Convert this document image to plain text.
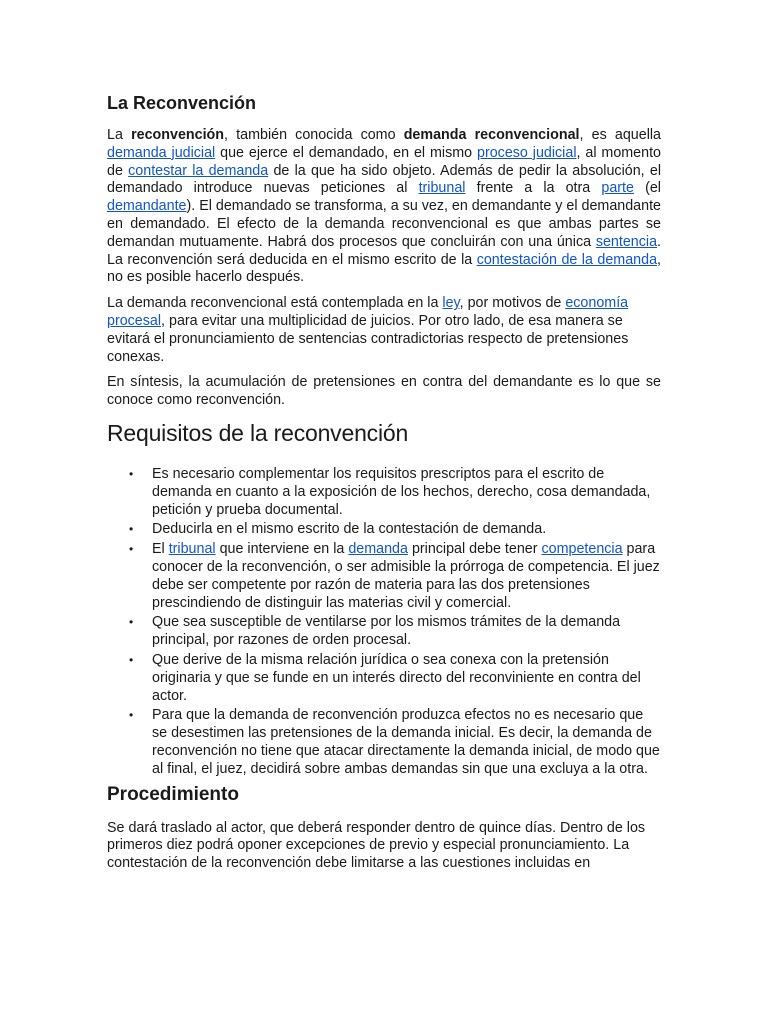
La Reconvención

La reconvención, también conocida como demanda reconvencional, es aquella demanda judicial que ejerce el demandado, en el mismo proceso judicial, al momento de contestar la demanda de la que ha sido objeto. Además de pedir la absolución, el demandado introduce nuevas peticiones al tribunal frente a la otra parte (el demandante). El demandado se transforma, a su vez, en demandante y el demandante en demandado. El efecto de la demanda reconvencional es que ambas partes se demandan mutuamente. Habrá dos procesos que concluirán con una única sentencia. La reconvención será deducida en el mismo escrito de la contestación de la demanda, no es posible hacerlo después.

La demanda reconvencional está contemplada en la ley, por motivos de economía procesal, para evitar una multiplicidad de juicios. Por otro lado, de esa manera se evitará el pronunciamiento de sentencias contradictorias respecto de pretensiones conexas.

En síntesis, la acumulación de pretensiones en contra del demandante es lo que se conoce como reconvención.

Requisitos de la reconvención
• Es necesario complementar los requisitos prescriptos para el escrito de demanda en cuanto a la exposición de los hechos, derecho, cosa demandada, petición y prueba documental.
• Deducirla en el mismo escrito de la contestación de demanda.
• El tribunal que interviene en la demanda principal debe tener competencia para conocer de la reconvención, o ser admisible la prórroga de competencia. El juez debe ser competente por razón de materia para las dos pretensiones prescindiendo de distinguir las materias civil y comercial.
• Que sea susceptible de ventilarse por los mismos trámites de la demanda principal, por razones de orden procesal.
• Que derive de la misma relación jurídica o sea conexa con la pretensión originaria y que se funde en un interés directo del reconviniente en contra del actor.
• Para que la demanda de reconvención produzca efectos no es necesario que se desestimen las pretensiones de la demanda inicial. Es decir, la demanda de reconvención no tiene que atacar directamente la demanda inicial, de modo que al final, el juez, decidirá sobre ambas demandas sin que una excluya a la otra.
Procedimiento

Se dará traslado al actor, que deberá responder dentro de quince días. Dentro de los primeros diez podrá oponer excepciones de previo y especial pronunciamiento. La contestación de la reconvención debe limitarse a las cuestiones incluidas en
